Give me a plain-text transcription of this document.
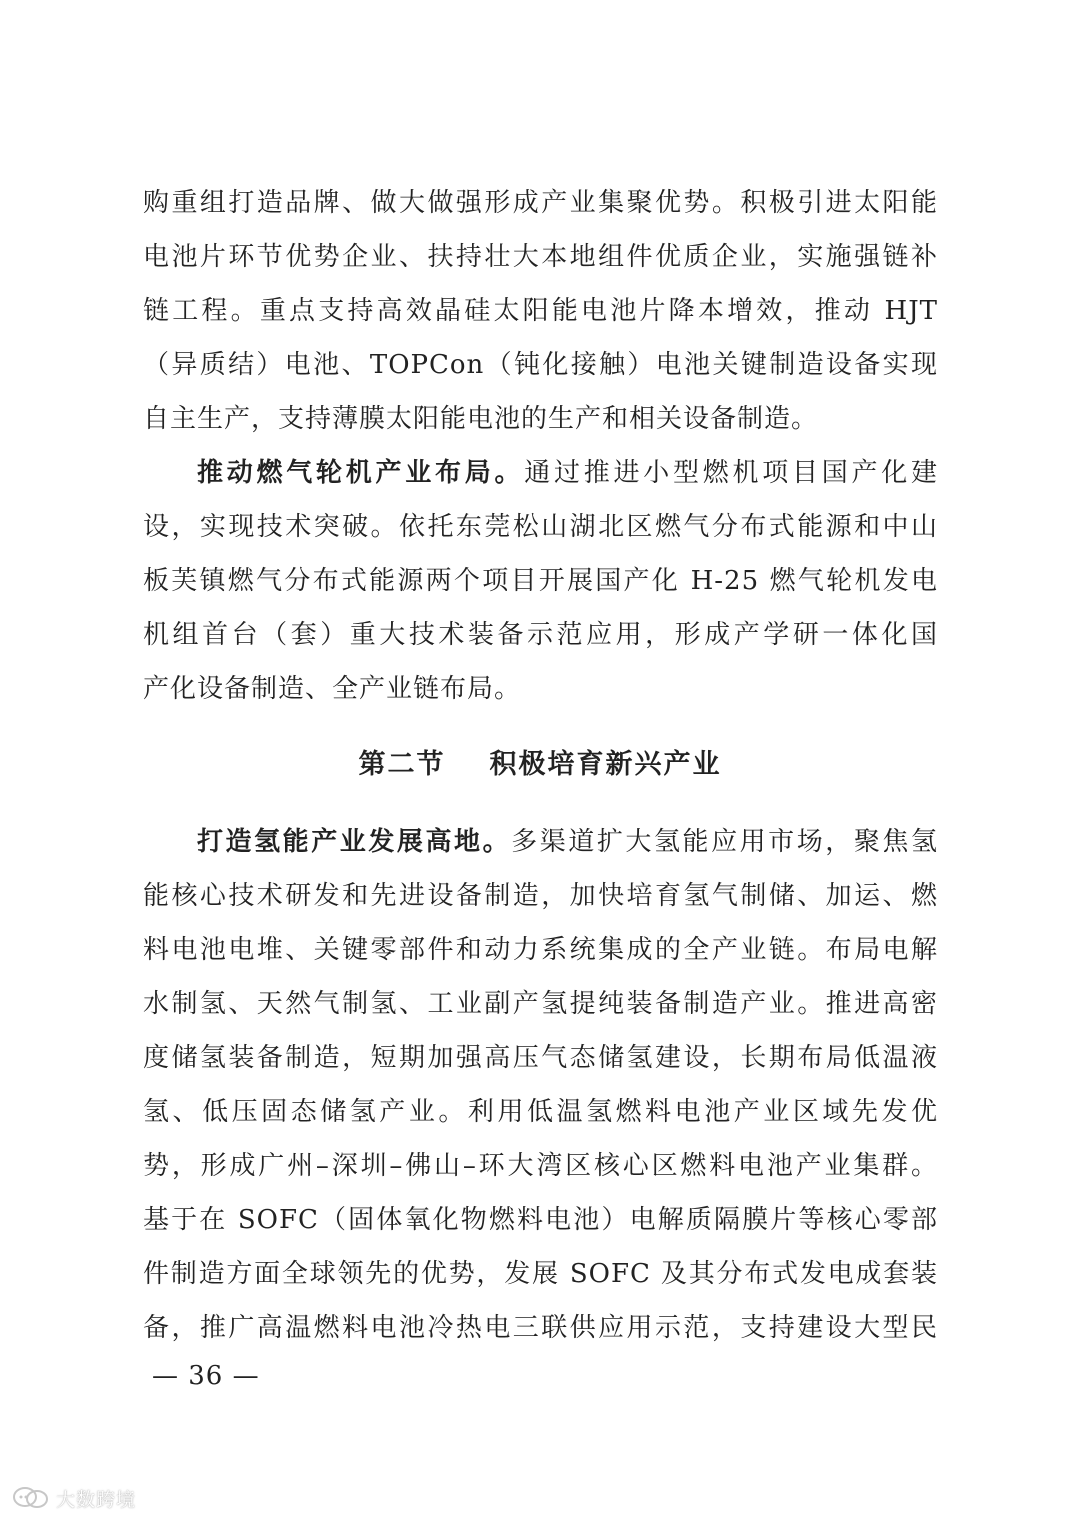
购重组打造品牌、做大做强形成产业集聚优势。积极引进太阳能
电池片环节优势企业、扶持壮大本地组件优质企业，实施强链补
链工程。重点支持高效晶硅太阳能电池片降本增效，推动 HJT
（异质结）电池、TOPCon（钝化接触）电池关键制造设备实现
自主生产，支持薄膜太阳能电池的生产和相关设备制造。
推动燃气轮机产业布局。通过推进小型燃机项目国产化建
设，实现技术突破。依托东莞松山湖北区燃气分布式能源和中山
板芙镇燃气分布式能源两个项目开展国产化 H-25 燃气轮机发电
机组首台（套）重大技术装备示范应用，形成产学研一体化国
产化设备制造、全产业链布局。
第二节 积极培育新兴产业
打造氢能产业发展高地。多渠道扩大氢能应用市场，聚焦氢
能核心技术研发和先进设备制造，加快培育氢气制储、加运、燃
料电池电堆、关键零部件和动力系统集成的全产业链。布局电解
水制氢、天然气制氢、工业副产氢提纯装备制造产业。推进高密
度储氢装备制造，短期加强高压气态储氢建设，长期布局低温液
氢、低压固态储氢产业。利用低温氢燃料电池产业区域先发优
势，形成广州–深圳–佛山–环大湾区核心区燃料电池产业集群。
基于在 SOFC（固体氧化物燃料电池）电解质隔膜片等核心零部
件制造方面全球领先的优势，发展 SOFC 及其分布式发电成套装
备，推广高温燃料电池冷热电三联供应用示范，支持建设大型民
— 36 —
大数跨境
